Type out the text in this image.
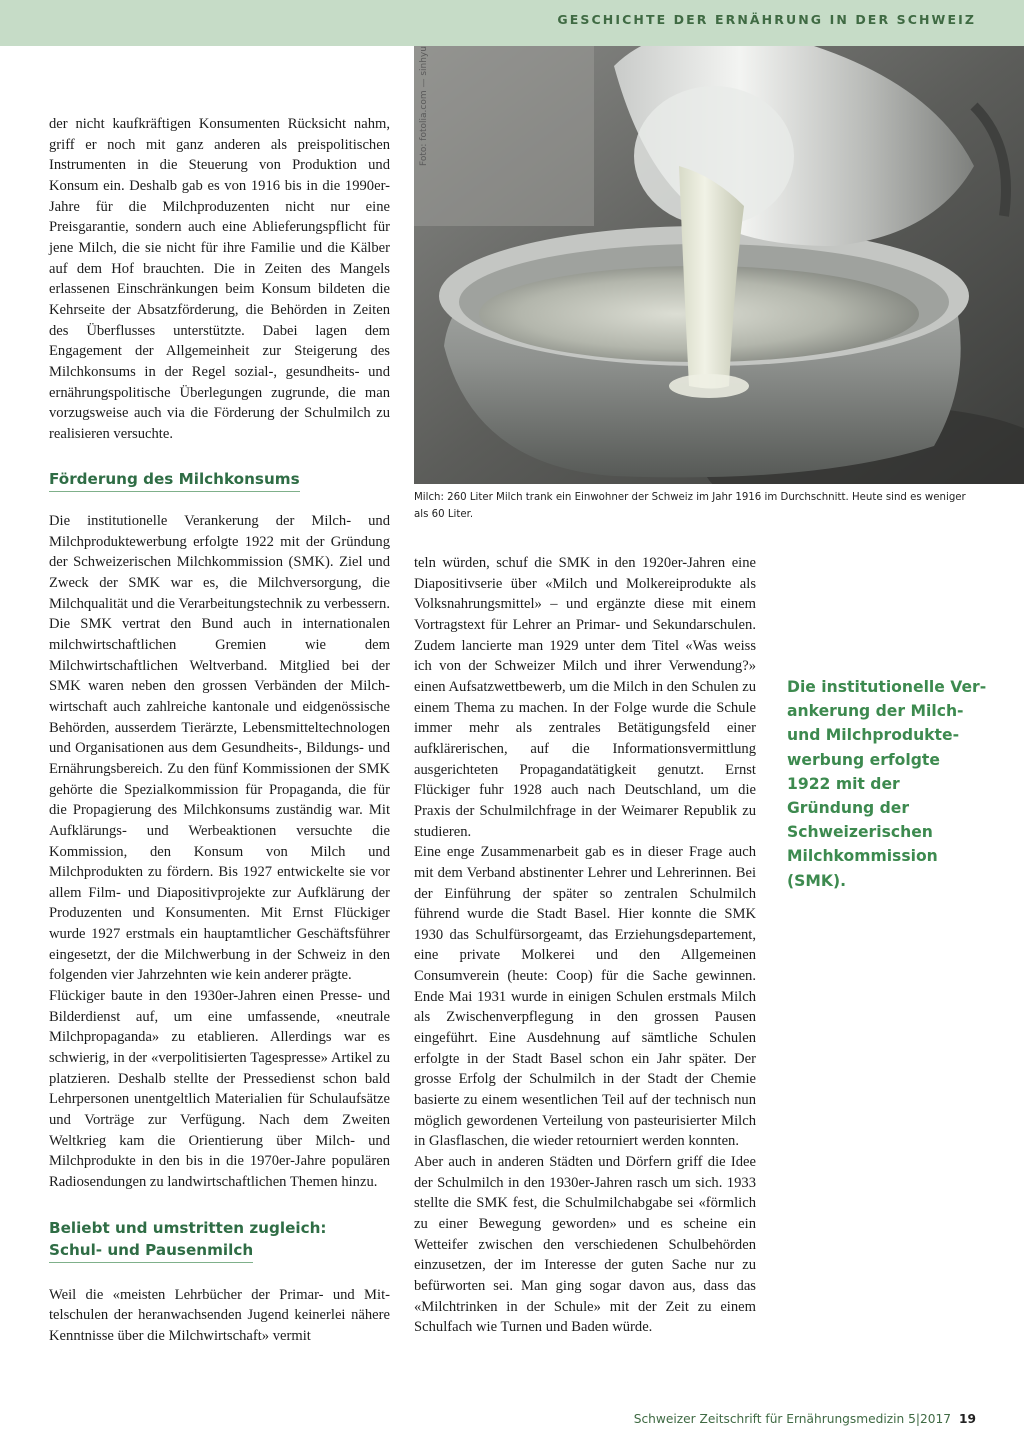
GESCHICHTE DER ERNÄHRUNG IN DER SCHWEIZ

der nicht kaufkräftigen Konsumenten Rücksicht nahm, griff er noch mit ganz anderen als preispolitischen Instrumenten in die Steuerung von Produktion und Konsum ein. Deshalb gab es von 1916 bis in die 1990er-Jahre für die Milchproduzenten nicht nur eine Preisgarantie, sondern auch eine Ablieferungspflicht für jene Milch, die sie nicht für ihre Familie und die Kälber auf dem Hof brauchten. Die in Zeiten des Mangels erlassenen Einschränkungen beim Konsum bildeten die Kehrseite der Absatzförderung, die Behörden in Zeiten des Überflusses unterstützte. Dabei lagen dem Engagement der Allgemeinheit zur Steigerung des Milchkonsums in der Regel sozial-, gesundheits- und ernährungspolitische Überlegungen zugrunde, die man vorzugsweise auch via die Förderung der Schulmilch zu realisieren versuchte.

Förderung des Milchkonsums

Die institutionelle Verankerung der Milch- und Milchproduktewerbung erfolgte 1922 mit der Gründung der Schweizerischen Milchkommission (SMK). Ziel und Zweck der SMK war es, die Milchversorgung, die Milchqualität und die Verarbeitungstechnik zu verbessern. Die SMK vertrat den Bund auch in internationalen milchwirtschaftlichen Gremien wie dem Milchwirtschaftlichen Weltverband. Mitglied bei der SMK waren neben den grossen Verbänden der Milchwirtschaft auch zahlreiche kantonale und eidgenössische Behörden, ausserdem Tierärzte, Lebensmitteltechnologen und Organisationen aus dem Gesundheits-, Bildungs- und Ernährungsbereich. Zu den fünf Kommissionen der SMK gehörte die Spezialkommission für Propaganda, die für die Propagierung des Milchkonsums zuständig war. Mit Aufklärungs- und Werbeaktionen versuchte die Kommission, den Konsum von Milch und Milchprodukten zu fördern. Bis 1927 entwickelte sie vor allem Film- und Diapositivprojekte zur Aufklärung der Produzenten und Konsumenten. Mit Ernst Flückiger wurde 1927 erstmals ein hauptamtlicher Geschäftsführer eingesetzt, der die Milchwerbung in der Schweiz in den folgenden vier Jahrzehnten wie kein anderer prägte.

Flückiger baute in den 1930er-Jahren einen Presse- und Bilderdienst auf, um eine umfassende, «neutrale Milchpropaganda» zu etablieren. Allerdings war es schwierig, in der «verpolitisierten Tagespresse» Artikel zu platzieren. Deshalb stellte der Pressedienst schon bald Lehrpersonen unentgeltlich Materialien für Schulaufsätze und Vorträge zur Verfügung. Nach dem Zweiten Weltkrieg kam die Orientierung über Milch- und Milchprodukte in den bis in die 1970er-Jahre populären Radiosendungen zu landwirtschaftlichen Themen hinzu.

Beliebt und umstritten zugleich:
Schul- und Pausenmilch

Weil die «meisten Lehrbücher der Primar- und Mittelschulen der heranwachsenden Jugend keinerlei nähere Kenntnisse über die Milchwirtschaft» vermit

Foto: fotolia.com — sinhyu
Milch: 260 Liter Milch trank ein Einwohner der Schweiz im Jahr 1916 im Durchschnitt. Heute sind es weniger als 60 Liter.

teln würden, schuf die SMK in den 1920er-Jahren eine Diapositivserie über «Milch und Molkereiprodukte als Volksnahrungsmittel» – und ergänzte diese mit einem Vortragstext für Lehrer an Primar- und Sekundarschulen. Zudem lancierte man 1929 unter dem Titel «Was weiss ich von der Schweizer Milch und ihrer Verwendung?» einen Aufsatzwettbewerb, um die Milch in den Schulen zu einem Thema zu machen. In der Folge wurde die Schule immer mehr als zentrales Betätigungsfeld einer aufklärerischen, auf die Informationsvermittlung ausgerichteten Propagandatätigkeit genutzt. Ernst Flückiger fuhr 1928 auch nach Deutschland, um die Praxis der Schulmilchfrage in der Weimarer Republik zu studieren.

Eine enge Zusammenarbeit gab es in dieser Frage auch mit dem Verband abstinenter Lehrer und Lehrerinnen. Bei der Einführung der später so zentralen Schulmilch führend wurde die Stadt Basel. Hier konnte die SMK 1930 das Schulfürsorgeamt, das Erziehungsdepartement, eine private Molkerei und den Allgemeinen Consumverein (heute: Coop) für die Sache gewinnen. Ende Mai 1931 wurde in einigen Schulen erstmals Milch als Zwischenverpflegung in den grossen Pausen eingeführt. Eine Ausdehnung auf sämtliche Schulen erfolgte in der Stadt Basel schon ein Jahr später. Der grosse Erfolg der Schulmilch in der Stadt der Chemie basierte zu einem wesentlichen Teil auf der technisch nun möglich gewordenen Verteilung von pasteurisierter Milch in Glasflaschen, die wieder retourniert werden konnten.

Aber auch in anderen Städten und Dörfern griff die Idee der Schulmilch in den 1930er-Jahren rasch um sich. 1933 stellte die SMK fest, die Schulmilchabgabe sei «förmlich zu einer Bewegung geworden» und es scheine ein Wetteifer zwischen den verschiedenen Schulbehörden einzusetzen, der im Interesse der guten Sache nur zu befürworten sei. Man ging sogar davon aus, dass das «Milchtrinken in der Schule» mit der Zeit zu einem Schulfach wie Turnen und Baden würde.

Die institutionelle Verankerung der Milch- und Milchproduktewerbung erfolgte 1922 mit der Gründung der Schweizerischen Milchkommission (SMK).
Schweizer Zeitschrift für Ernährungsmedizin 5|2017 19
